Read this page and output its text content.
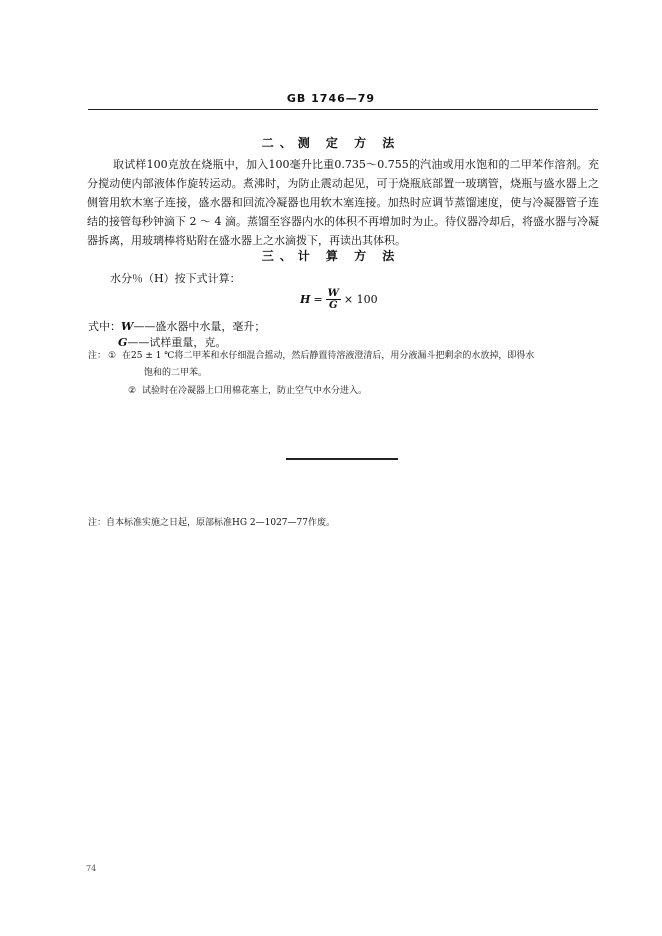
GB 1746—79
二、测 定 方 法
取试样100克放在烧瓶中，加入100毫升比重0.735～0.755的汽油或用水饱和的二甲苯作溶剂。充分搅动使内部液体作旋转运动。煮沸时，为防止震动起见，可于烧瓶底部置一玻璃管，烧瓶与盛水器上之侧管用软木塞子连接，盛水器和回流冷凝器也用软木塞连接。加热时应调节蒸馏速度，使与冷凝器管子连结的接管每秒钟滴下 2 ～ 4 滴。蒸馏至容器内水的体积不再增加时为止。待仪器冷却后，将盛水器与冷凝器拆离，用玻璃棒将贴附在盛水器上之水滴拨下，再读出其体积。
三、计 算 方 法
水分％（H）按下式计算：
$H = \frac{W}{G} \times 100$
式中：W——盛水器中水量，毫升；
G——试样重量，克。
注： ① 在25 ± 1 ℃将二甲苯和水仔细混合摇动，然后静置待溶液澄清后，用分液漏斗把剩余的水放掉，即得水
饱和的二甲苯。
② 试验时在冷凝器上口用棉花塞上，防止空气中水分进入。
注：自本标准实施之日起，原部标准HG 2—1027—77作废。
74
